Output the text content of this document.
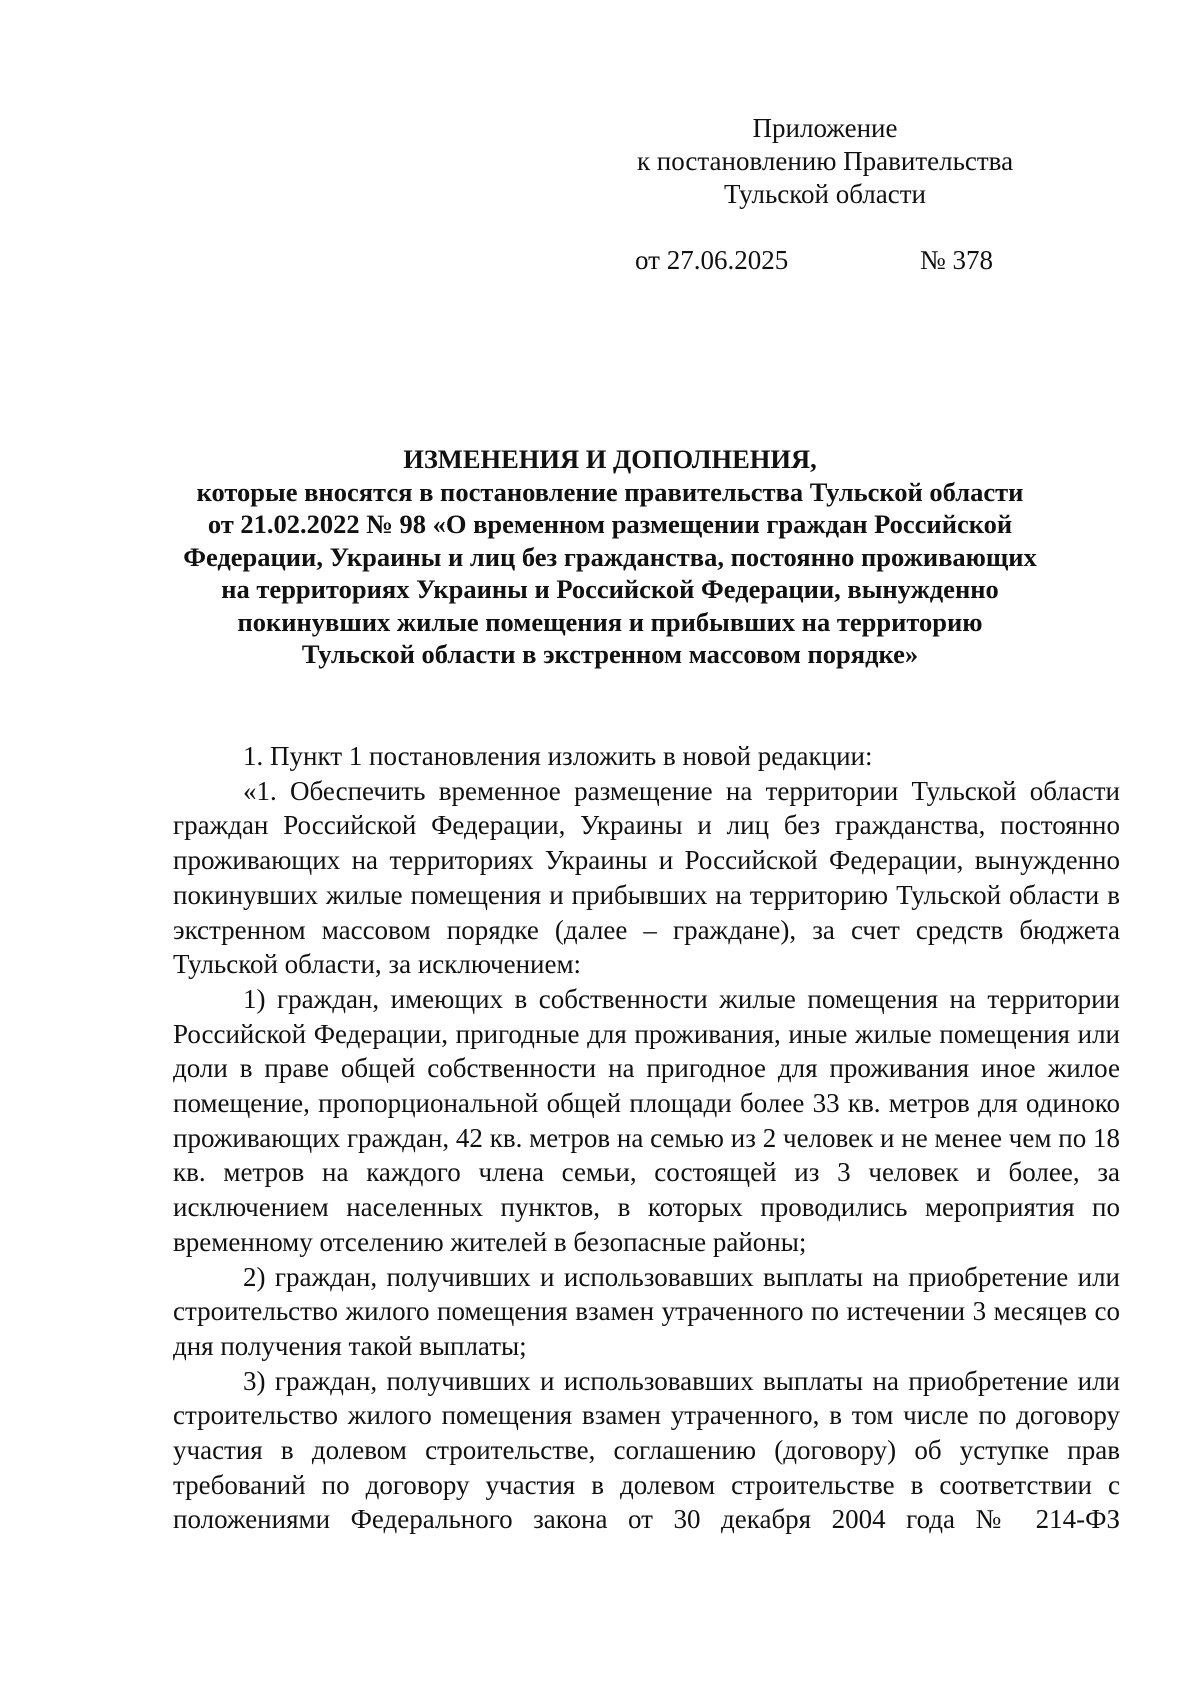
Приложение
к постановлению Правительства
Тульской области
от 27.06.2025	№ 378
ИЗМЕНЕНИЯ И ДОПОЛНЕНИЯ,
которые вносятся в постановление правительства Тульской области
от 21.02.2022 № 98 «О временном размещении граждан Российской
Федерации, Украины и лиц без гражданства, постоянно проживающих
на территориях Украины и Российской Федерации, вынужденно
покинувших жилые помещения и прибывших на территорию
Тульской области в экстренном массовом порядке»

1. Пункт 1 постановления изложить в новой редакции:

«1. Обеспечить временное размещение на территории Тульской области граждан Российской Федерации, Украины и лиц без гражданства, постоянно проживающих на территориях Украины и Российской Федерации, вынужденно покинувших жилые помещения и прибывших на территорию Тульской области в экстренном массовом порядке (далее – граждане), за счет средств бюджета Тульской области, за исключением:

1) граждан, имеющих в собственности жилые помещения на территории Российской Федерации, пригодные для проживания, иные жилые помещения или доли в праве общей собственности на пригодное для проживания иное жилое помещение, пропорциональной общей площади более 33 кв. метров для одиноко проживающих граждан, 42 кв. метров на семью из 2 человек и не менее чем по 18 кв. метров на каждого члена семьи, состоящей из 3 человек и более, за исключением населенных пунктов, в которых проводились мероприятия по временному отселению жителей в безопасные районы;

2) граждан, получивших и использовавших выплаты на приобретение или строительство жилого помещения взамен утраченного по истечении 3 месяцев со дня получения такой выплаты;

3) граждан, получивших и использовавших выплаты на приобретение или строительство жилого помещения взамен утраченного, в том числе по договору участия в долевом строительстве, соглашению (договору) об уступке прав требований по договору участия в долевом строительстве в соответствии с положениями Федерального закона от 30 декабря 2004 года № 214-ФЗ
